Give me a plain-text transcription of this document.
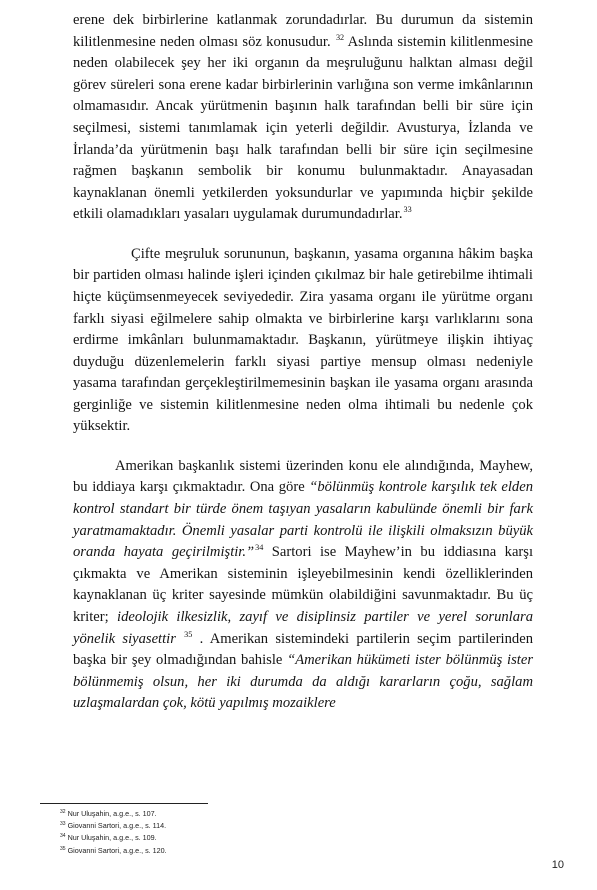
erene dek birbirlerine katlanmak zorundadırlar. Bu durumun da sistemin kilitlenmesine neden olması söz konusudur. $^{32}$ Aslında sistemin kilitlenmesine neden olabilecek şey her iki organın da meşruluğunu halktan alması değil görev süreleri sona erene kadar birbirlerinin varlığına son verme imkânlarının olmamasıdır. Ancak yürütmenin başının halk tarafından belli bir süre için seçilmesi, sistemi tanımlamak için yeterli değildir. Avusturya, İzlanda ve İrlanda’da yürütmenin başı halk tarafından belli bir süre için seçilmesine rağmen başkanın sembolik bir konumu bulunmaktadır. Anayasadan kaynaklanan önemli yetkilerden yoksundurlar ve yapımında hiçbir şekilde etkili olamadıkları yasaları uygulamak durumundadırlar.$^{33}$

Çifte meşruluk sorununun, başkanın, yasama organına hâkim başka bir partiden olması halinde işleri içinden çıkılmaz bir hale getirebilme ihtimali hiçte küçümsenmeyecek seviyededir. Zira yasama organı ile yürütme organı farklı siyasi eğilmelere sahip olmakta ve birbirlerine karşı varlıklarını sona erdirme imkânları bulunmamaktadır. Başkanın, yürütmeye ilişkin ihtiyaç duyduğu düzenlemelerin farklı siyasi partiye mensup olması nedeniyle yasama tarafından gerçekleştirilmemesinin başkan ile yasama organı arasında gerginliğe ve sistemin kilitlenmesine neden olma ihtimali bu nedenle çok yüksektir.

Amerikan başkanlık sistemi üzerinden konu ele alındığında, Mayhew, bu iddiaya karşı çıkmaktadır. Ona göre “bölünmüş kontrole karşılık tek elden kontrol standart bir türde önem taşıyan yasaların kabulünde önemli bir fark yaratmamaktadır. Önemli yasalar parti kontrolü ile ilişkili olmaksızın büyük oranda hayata geçirilmiştir.”$^{34}$ Sartori ise Mayhew’in bu iddiasına karşı çıkmakta ve Amerikan sisteminin işleyebilmesinin kendi özelliklerinden kaynaklanan üç kriter sayesinde mümkün olabildiğini savunmaktadır. Bu üç kriter; ideolojik ilkesizlik, zayıf ve disiplinsiz partiler ve yerel sorunlara yönelik siyasettir $^{35}$ . Amerikan sistemindeki partilerin seçim partilerinden başka bir şey olmadığından bahisle “Amerikan hükümeti ister bölünmüş ister bölünmemiş olsun, her iki durumda da aldığı kararların çoğu, sağlam uzlaşmalardan çok, kötü yapılmış mozaiklere

$^{32}$ Nur Uluşahin, a.g.e., s. 107.
$^{33}$ Giovanni Sartori, a.g.e., s. 114.
$^{34}$ Nur Uluşahin, a.g.e., s. 109.
$^{35}$ Giovanni Sartori, a.g.e., s. 120.
10
